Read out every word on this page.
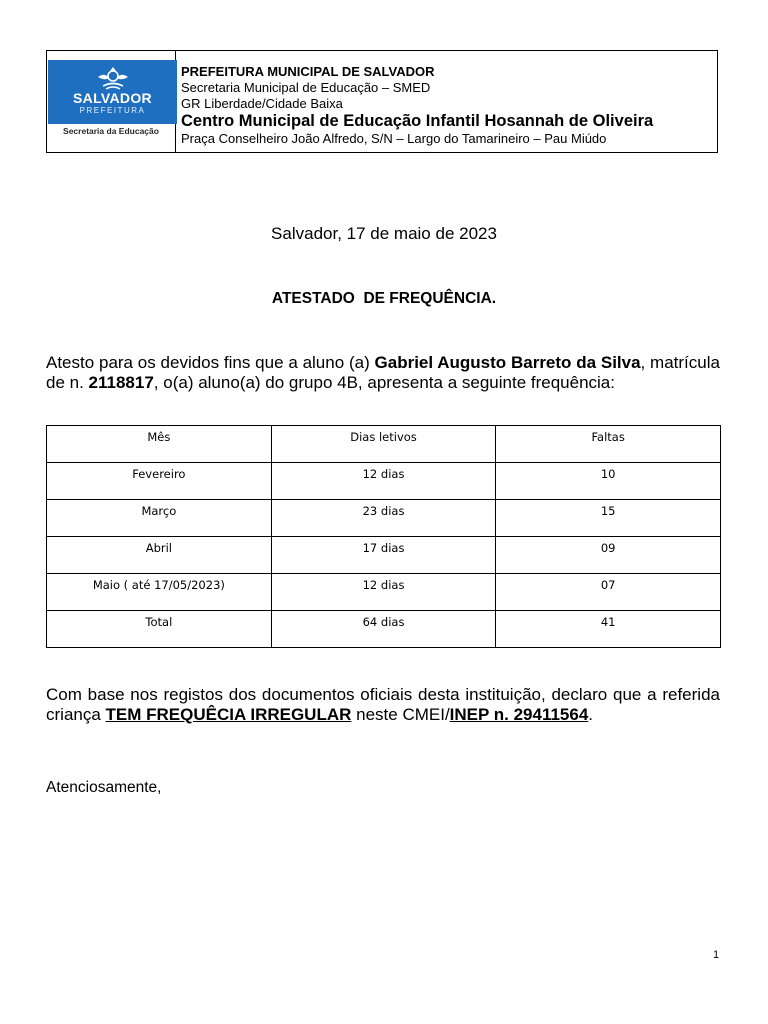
SALVADOR
PREFEITURA
Secretaria da Educação
PREFEITURA MUNICIPAL DE SALVADOR
Secretaria Municipal de Educação – SMED
GR Liberdade/Cidade Baixa
Centro Municipal de Educação Infantil Hosannah de Oliveira
Praça Conselheiro João Alfredo, S/N – Largo do Tamarineiro – Pau Miúdo
Salvador, 17 de maio de 2023
ATESTADO  DE FREQUÊNCIA.
Atesto para os devidos fins que a aluno (a) Gabriel Augusto Barreto da Silva, matrícula de n. 2118817, o(a) aluno(a) do grupo 4B, apresenta a seguinte frequência:
Mês	Dias letivos	Faltas
Fevereiro	12 dias	10
Março	23 dias	15
Abril	17 dias	09
Maio ( até 17/05/2023)	12 dias	07
Total	64 dias	41
Com base nos registos dos documentos oficiais desta instituição, declaro que a referida criança TEM FREQUÊCIA IRREGULAR neste CMEI/INEP n. 29411564.
Atenciosamente,
1
